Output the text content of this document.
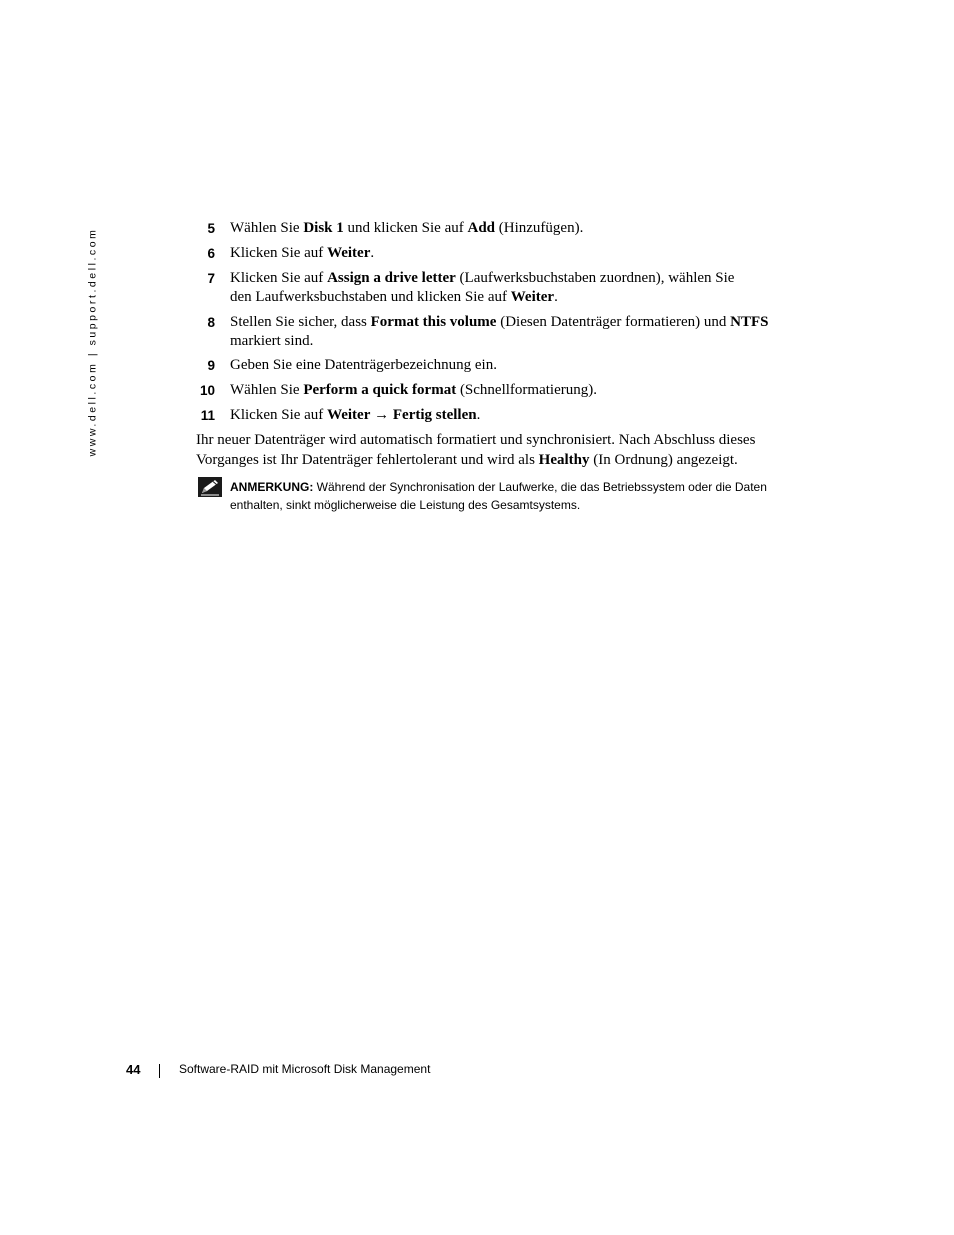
www.dell.com | support.dell.com	5 Wählen Sie Disk 1 und klicken Sie auf Add (Hinzufügen).
6 Klicken Sie auf Weiter.
7 Klicken Sie auf Assign a drive letter (Laufwerksbuchstaben zuordnen), wählen Sie
den Laufwerksbuchstaben und klicken Sie auf Weiter.
8 Stellen Sie sicher, dass Format this volume (Diesen Datenträger formatieren) und NTFS
markiert sind.
9 Geben Sie eine Datenträgerbezeichnung ein.
10 Wählen Sie Perform a quick format (Schnellformatierung).
11 Klicken Sie auf Weiter → Fertig stellen.
Ihr neuer Datenträger wird automatisch formatiert und synchronisiert. Nach Abschluss dieses
Vorganges ist Ihr Datenträger fehlertolerant und wird als Healthy (In Ordnung) angezeigt.
ANMERKUNG: Während der Synchronisation der Laufwerke, die das Betriebssystem oder die Daten
enthalten, sinkt möglicherweise die Leistung des Gesamtsystems.
44	Software-RAID mit Microsoft Disk Management
